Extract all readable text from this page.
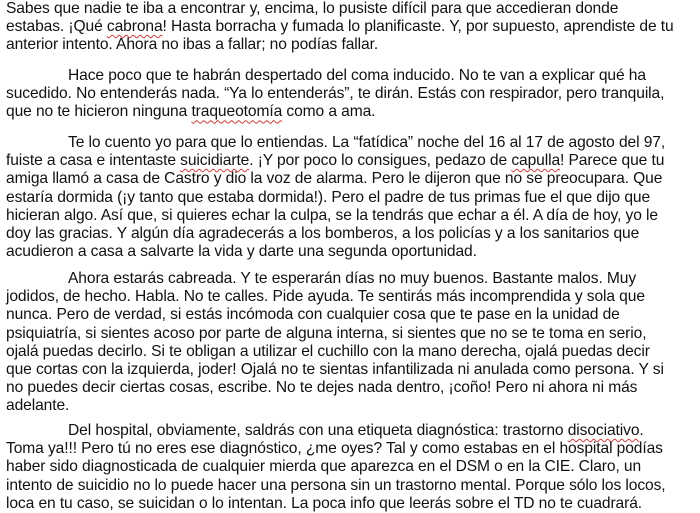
Sabes que nadie te iba a encontrar y, encima, lo pusiste difícil para que accedieran donde
estabas. ¡Qué cabrona! Hasta borracha y fumada lo planificaste. Y, por supuesto, aprendiste de tu
anterior intento. Ahora no ibas a fallar; no podías fallar.
Hace poco que te habrán despertado del coma inducido. No te van a explicar qué ha
sucedido. No entenderás nada. “Ya lo entenderás”, te dirán. Estás con respirador, pero tranquila,
que no te hicieron ninguna traqueotomía como a ama.
Te lo cuento yo para que lo entiendas. La “fatídica” noche del 16 al 17 de agosto del 97,
fuiste a casa e intentaste suicidiarte. ¡Y por poco lo consigues, pedazo de capulla! Parece que tu
amiga llamó a casa de Castro y dio la voz de alarma. Pero le dijeron que no se preocupara. Que
estaría dormida (¡y tanto que estaba dormida!). Pero el padre de tus primas fue el que dijo que
hicieran algo. Así que, si quieres echar la culpa, se la tendrás que echar a él. A día de hoy, yo le
doy las gracias. Y algún día agradecerás a los bomberos, a los policías y a los sanitarios que
acudieron a casa a salvarte la vida y darte una segunda oportunidad.
Ahora estarás cabreada. Y te esperarán días no muy buenos. Bastante malos. Muy
jodidos, de hecho. Habla. No te calles. Pide ayuda. Te sentirás más incomprendida y sola que
nunca. Pero de verdad, si estás incómoda con cualquier cosa que te pase en la unidad de
psiquiatría, si sientes acoso por parte de alguna interna, si sientes que no se te toma en serio,
ojalá puedas decirlo. Si te obligan a utilizar el cuchillo con la mano derecha, ojalá puedas decir
que cortas con la izquierda, joder! Ojalá no te sientas infantilizada ni anulada como persona. Y si
no puedes decir ciertas cosas, escribe. No te dejes nada dentro, ¡coño! Pero ni ahora ni más
adelante.
Del hospital, obviamente, saldrás con una etiqueta diagnóstica: trastorno disociativo.
Toma ya!!! Pero tú no eres ese diagnóstico, ¿me oyes? Tal y como estabas en el hospital podías
haber sido diagnosticada de cualquier mierda que aparezca en el DSM o en la CIE. Claro, un
intento de suicidio no lo puede hacer una persona sin un trastorno mental. Porque sólo los locos,
loca en tu caso, se suicidan o lo intentan. La poca info que leerás sobre el TD no te cuadrará.
